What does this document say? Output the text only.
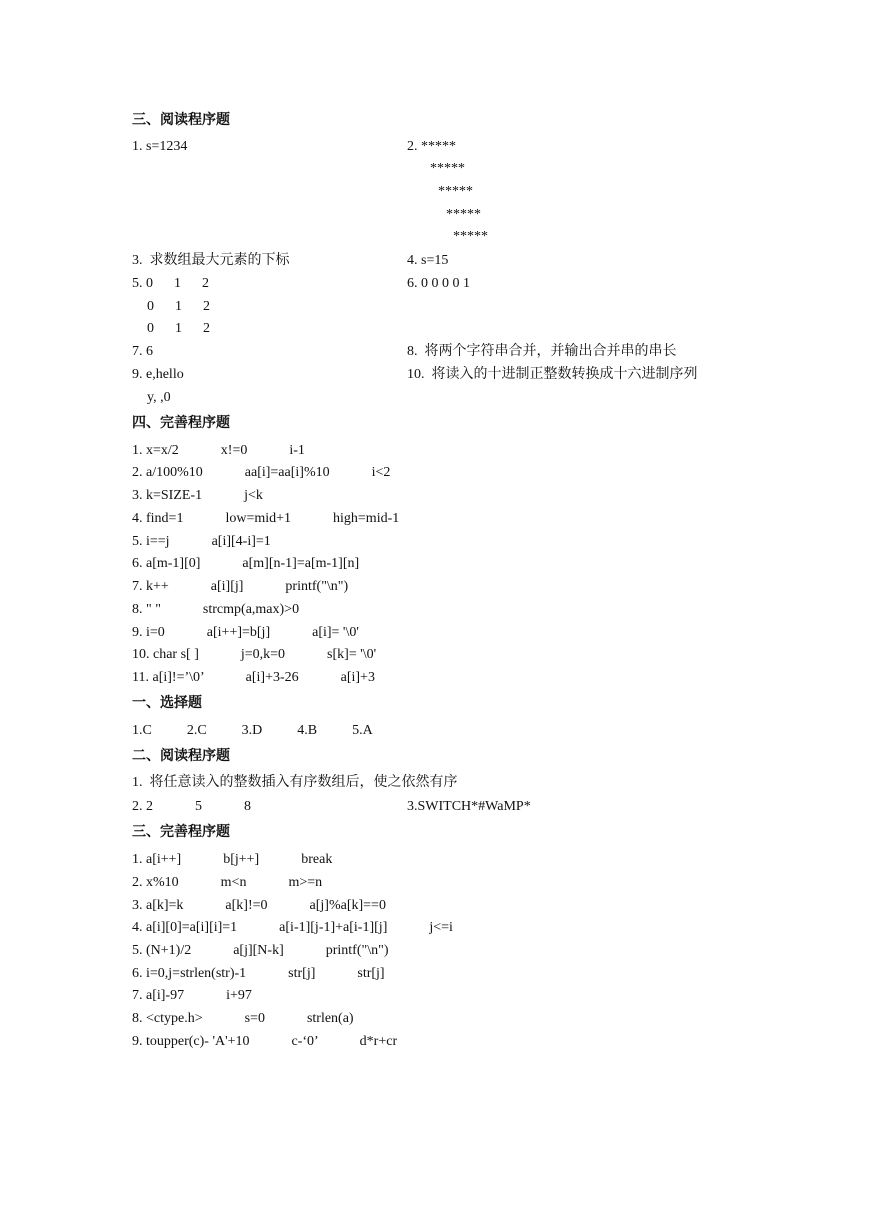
三、阅读程序题
1. s=1234	2. *****
*****
*****
*****
*****
3.  求数组最大元素的下标	4. s=15
5. 0      1      2	6. 0 0 0 0 1
0      1      2
0      1      2
7. 6	8.  将两个字符串合并，并输出合并串的串长
9. e,hello	10.  将读入的十进制正整数转换成十六进制序列
y, ,0
四、完善程序题
1. x=x/2            x!=0            i-1
2. a/100%10            aa[i]=aa[i]%10            i<2
3. k=SIZE-1            j<k
4. find=1            low=mid+1            high=mid-1
5. i==j            a[i][4-i]=1
6. a[m-1][0]            a[m][n-1]=a[m-1][n]
7. k++            a[i][j]            printf("\n")
8. " "            strcmp(a,max)>0
9. i=0            a[i++]=b[j]            a[i]= '\0'
10. char s[ ]            j=0,k=0            s[k]= '\0'
11. a[i]!=’\0’            a[i]+3-26            a[i]+3
一、选择题
1.C          2.C          3.D          4.B          5.A
二、阅读程序题
1.  将任意读入的整数插入有序数组后，使之依然有序
2. 2            5            8	3.SWITCH*#WaMP*
三、完善程序题
1. a[i++]            b[j++]            break
2. x%10            m<n            m>=n
3. a[k]=k            a[k]!=0            a[j]%a[k]==0
4. a[i][0]=a[i][i]=1            a[i-1][j-1]+a[i-1][j]            j<=i
5. (N+1)/2            a[j][N-k]            printf("\n")
6. i=0,j=strlen(str)-1            str[j]            str[j]
7. a[i]-97            i+97
8. <ctype.h>            s=0            strlen(a)
9. toupper(c)- 'A'+10            c-‘0’            d*r+cr
